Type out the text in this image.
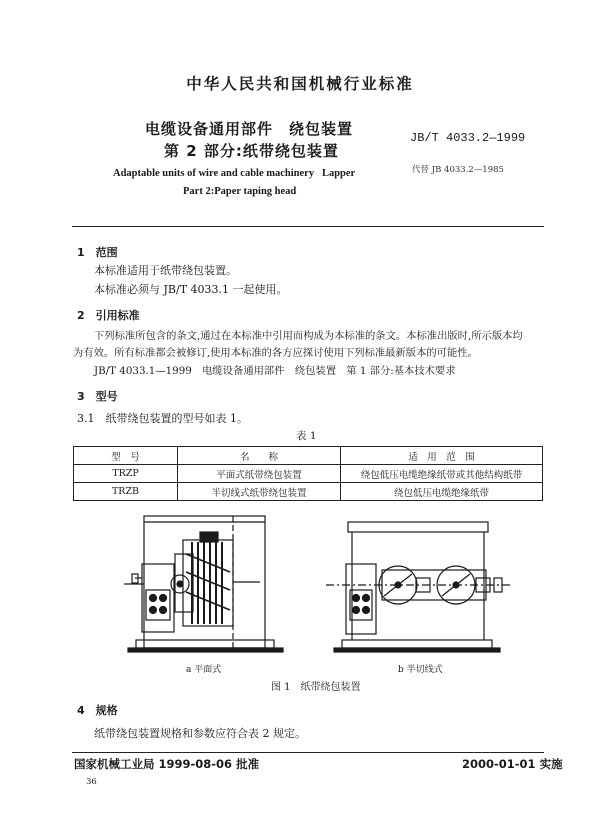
中华人民共和国机械行业标准
电缆设备通用部件　绕包装置
第 2 部分:纸带绕包装置
Adaptable units of wire and cable machinery   Lapper
Part 2:Paper taping head
JB/T 4033.2—1999
代替 JB 4033.2—1985
1　范围
本标准适用于纸带绕包装置。
本标准必须与 JB/T 4033.1 一起使用。
2　引用标准
下列标准所包含的条文,通过在本标准中引用而构成为本标准的条文。本标准出版时,所示版本均
为有效。所有标准都会被修订,使用本标准的各方应探讨使用下列标准最新版本的可能性。
JB/T 4033.1—1999　电缆设备通用部件　绕包装置　第 1 部分:基本技术要求
3　型号
3.1　纸带绕包装置的型号如表 1。
表 1
型　号	名　　称	适　用　范　围
TRZP	平面式纸带绕包装置	绕包低压电缆绝缘纸带或其他结构纸带
TRZB	半切线式纸带绕包装置	绕包低压电缆绝缘纸带
a 平面式	b 半切线式
图 1　纸带绕包装置
4　规格
纸带绕包装置规格和参数应符合表 2 规定。
国家机械工业局 1999-08-06 批准	2000-01-01 实施
36
